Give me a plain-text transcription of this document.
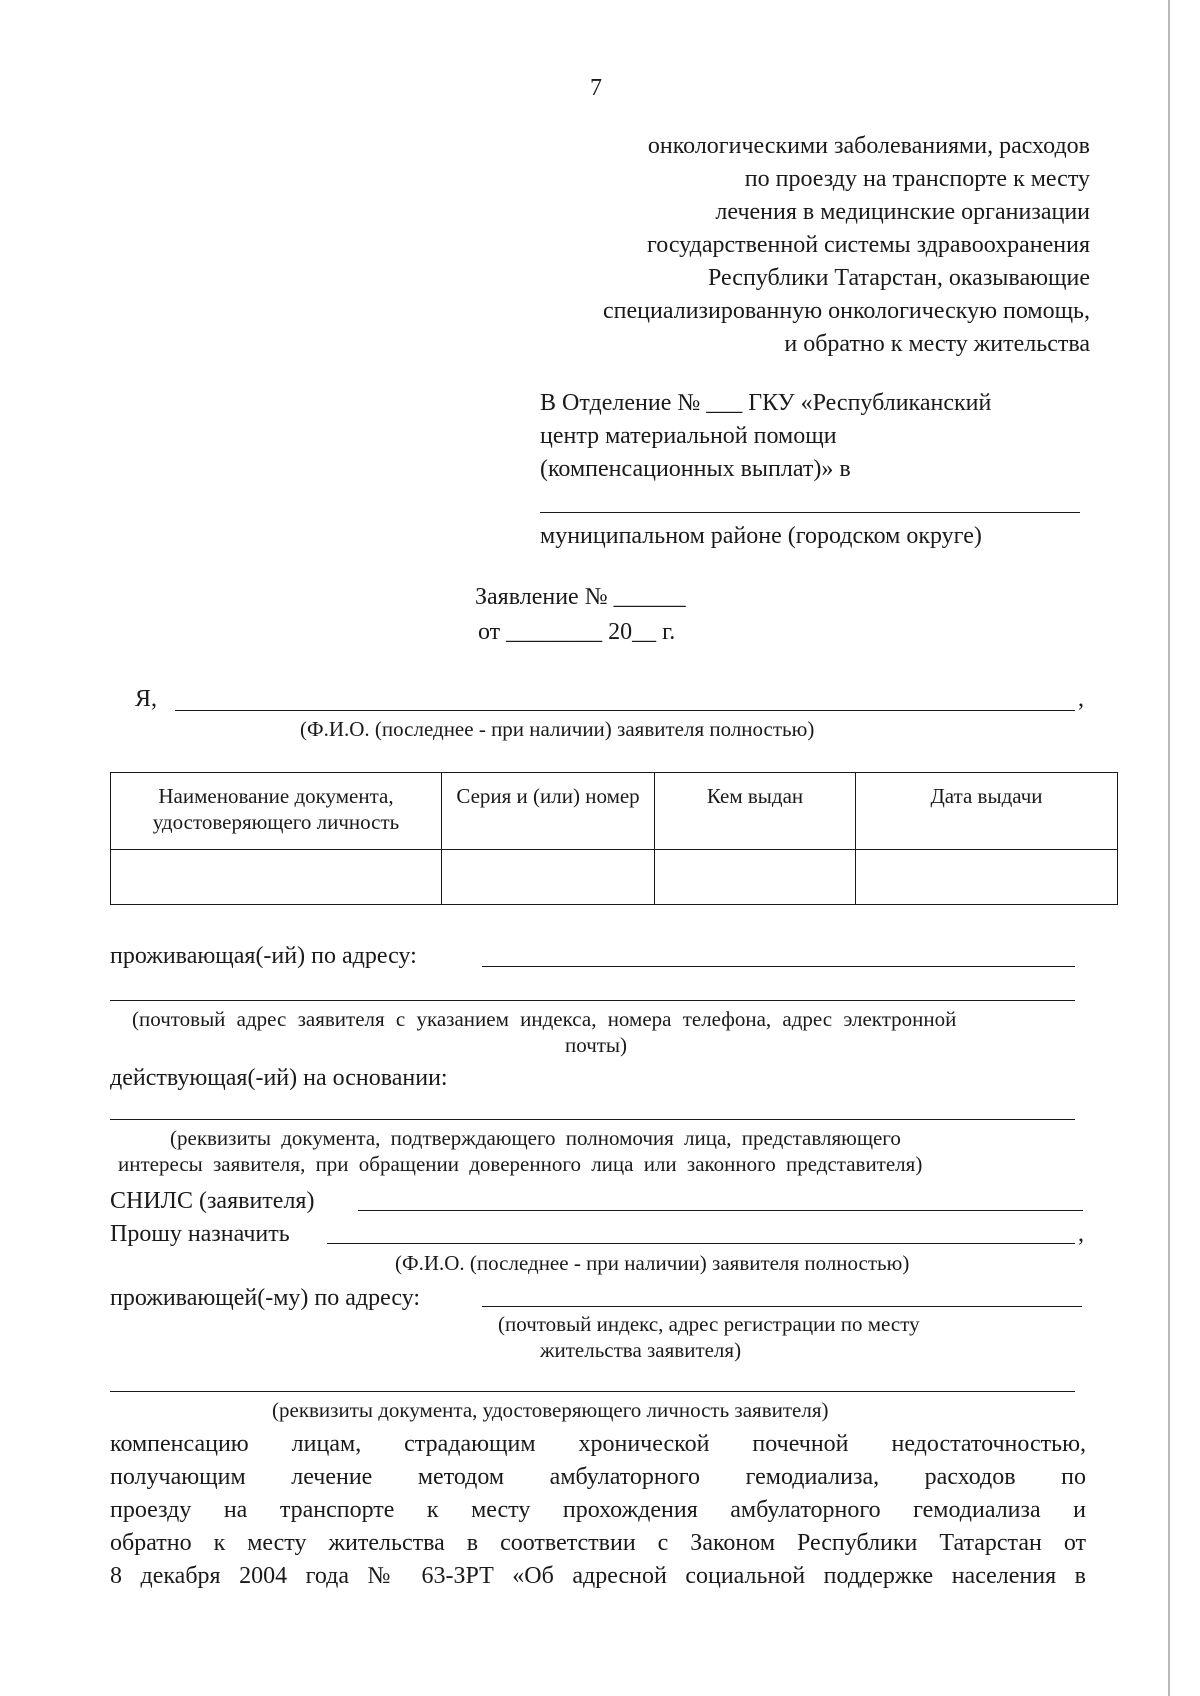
7
онкологическими заболеваниями, расходов
по проезду на транспорте к месту
лечения в медицинские организации
государственной системы здравоохранения
Республики Татарстан, оказывающие
специализированную онкологическую помощь,
и обратно к месту жительства
В Отделение № ___ ГКУ «Республиканский
центр материальной помощи
(компенсационных выплат)» в
муниципальном районе (городском округе)
Заявление № ______
от ________ 20__ г.
Я,	,
(Ф.И.О. (последнее - при наличии) заявителя полностью)
Наименование документа, удостоверяющего личность	Серия и (или) номер	Кем выдан	Дата выдачи

проживающая(-ий) по адресу:
(почтовый адрес заявителя с указанием индекса, номера телефона, адрес электронной
почты)
действующая(-ий) на основании:
(реквизиты документа, подтверждающего полномочия лица, представляющего
интересы заявителя, при обращении доверенного лица или законного представителя)
СНИЛС (заявителя)
Прошу назначить	,
(Ф.И.О. (последнее - при наличии) заявителя полностью)
проживающей(-му) по адресу:
(почтовый индекс, адрес регистрации по месту
жительства заявителя)
(реквизиты документа, удостоверяющего личность заявителя)
компенсацию лицам, страдающим хронической почечной недостаточностью,
получающим лечение методом амбулаторного гемодиализа, расходов по
проезду на транспорте к месту прохождения амбулаторного гемодиализа и
обратно к месту жительства в соответствии с Законом Республики Татарстан от
8 декабря 2004 года № 63-ЗРТ «Об адресной социальной поддержке населения в
